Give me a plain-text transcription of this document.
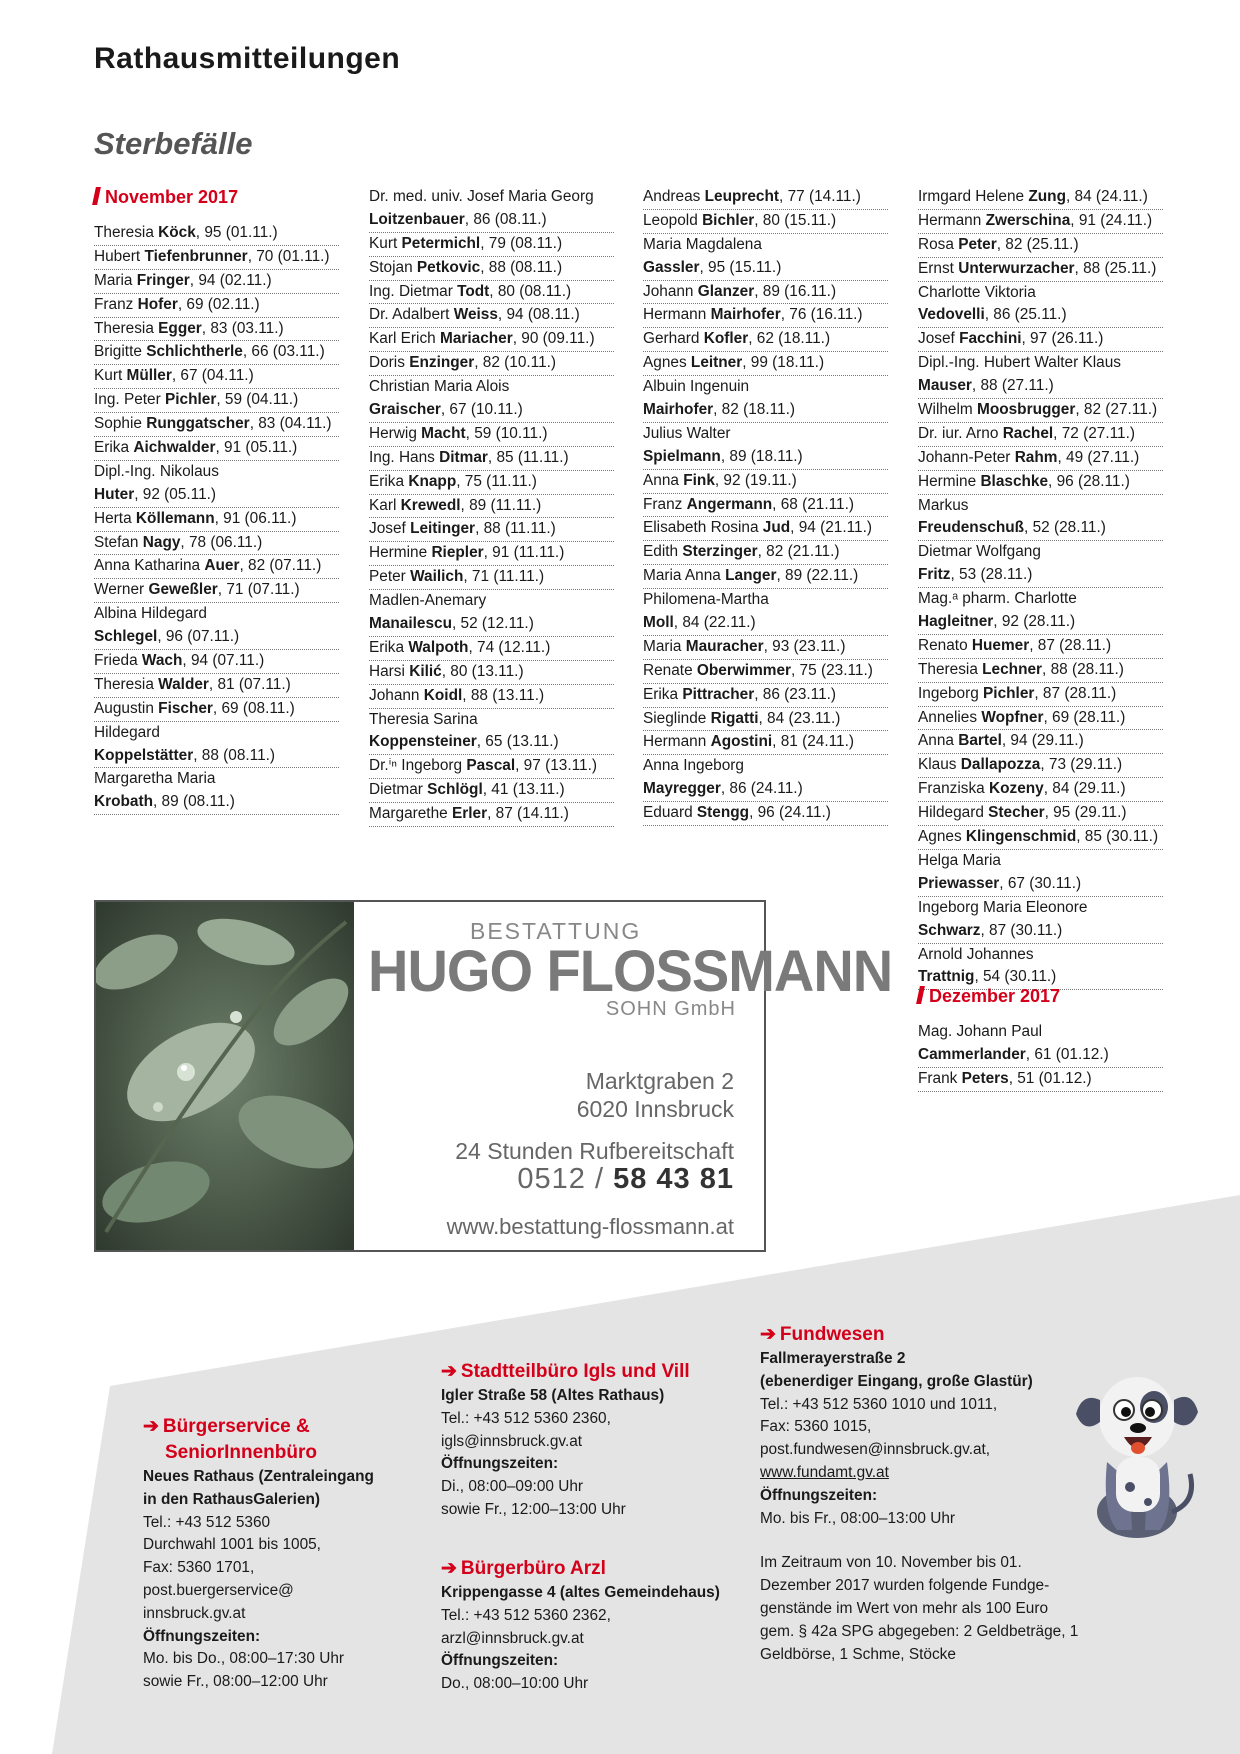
Rathausmitteilungen
Sterbefälle
November 2017
Theresia Köck, 95 (01.11.)
Hubert Tiefenbrunner, 70 (01.11.)
Maria Fringer, 94 (02.11.)
Franz Hofer, 69 (02.11.)
Theresia Egger, 83 (03.11.)
Brigitte Schlichtherle, 66 (03.11.)
Kurt Müller, 67 (04.11.)
Ing. Peter Pichler, 59 (04.11.)
Sophie Runggatscher, 83 (04.11.)
Erika Aichwalder, 91 (05.11.)
Dipl.-Ing. Nikolaus
Huter, 92 (05.11.)
Herta Köllemann, 91 (06.11.)
Stefan Nagy, 78 (06.11.)
Anna Katharina Auer, 82 (07.11.)
Werner Geweßler, 71 (07.11.)
Albina Hildegard
Schlegel, 96 (07.11.)
Frieda Wach, 94 (07.11.)
Theresia Walder, 81 (07.11.)
Augustin Fischer, 69 (08.11.)
Hildegard
Koppelstätter, 88 (08.11.)
Margaretha Maria
Krobath, 89 (08.11.)
Dr. med. univ. Josef Maria Georg
Loitzenbauer, 86 (08.11.)
Kurt Petermichl, 79 (08.11.)
Stojan Petkovic, 88 (08.11.)
Ing. Dietmar Todt, 80 (08.11.)
Dr. Adalbert Weiss, 94 (08.11.)
Karl Erich Mariacher, 90 (09.11.)
Doris Enzinger, 82 (10.11.)
Christian Maria Alois
Graischer, 67 (10.11.)
Herwig Macht, 59 (10.11.)
Ing. Hans Ditmar, 85 (11.11.)
Erika Knapp, 75 (11.11.)
Karl Krewedl, 89 (11.11.)
Josef Leitinger, 88 (11.11.)
Hermine Riepler, 91 (11.11.)
Peter Wailich, 71 (11.11.)
Madlen-Anemary
Manailescu, 52 (12.11.)
Erika Walpoth, 74 (12.11.)
Harsi Kilić, 80 (13.11.)
Johann Koidl, 88 (13.11.)
Theresia Sarina
Koppensteiner, 65 (13.11.)
Dr.ⁱⁿ Ingeborg Pascal, 97 (13.11.)
Dietmar Schlögl, 41 (13.11.)
Margarethe Erler, 87 (14.11.)
Andreas Leuprecht, 77 (14.11.)
Leopold Bichler, 80 (15.11.)
Maria Magdalena
Gassler, 95 (15.11.)
Johann Glanzer, 89 (16.11.)
Hermann Mairhofer, 76 (16.11.)
Gerhard Kofler, 62 (18.11.)
Agnes Leitner, 99 (18.11.)
Albuin Ingenuin
Mairhofer, 82 (18.11.)
Julius Walter
Spielmann, 89 (18.11.)
Anna Fink, 92 (19.11.)
Franz Angermann, 68 (21.11.)
Elisabeth Rosina Jud, 94 (21.11.)
Edith Sterzinger, 82 (21.11.)
Maria Anna Langer, 89 (22.11.)
Philomena-Martha
Moll, 84 (22.11.)
Maria Mauracher, 93 (23.11.)
Renate Oberwimmer, 75 (23.11.)
Erika Pittracher, 86 (23.11.)
Sieglinde Rigatti, 84 (23.11.)
Hermann Agostini, 81 (24.11.)
Anna Ingeborg
Mayregger, 86 (24.11.)
Eduard Stengg, 96 (24.11.)
Irmgard Helene Zung, 84 (24.11.)
Hermann Zwerschina, 91 (24.11.)
Rosa Peter, 82 (25.11.)
Ernst Unterwurzacher, 88 (25.11.)
Charlotte Viktoria
Vedovelli, 86 (25.11.)
Josef Facchini, 97 (26.11.)
Dipl.-Ing. Hubert Walter Klaus
Mauser, 88 (27.11.)
Wilhelm Moosbrugger, 82 (27.11.)
Dr. iur. Arno Rachel, 72 (27.11.)
Johann-Peter Rahm, 49 (27.11.)
Hermine Blaschke, 96 (28.11.)
Markus
Freudenschuß, 52 (28.11.)
Dietmar Wolfgang
Fritz, 53 (28.11.)
Mag.ᵃ pharm. Charlotte
Hagleitner, 92 (28.11.)
Renato Huemer, 87 (28.11.)
Theresia Lechner, 88 (28.11.)
Ingeborg Pichler, 87 (28.11.)
Annelies Wopfner, 69 (28.11.)
Anna Bartel, 94 (29.11.)
Klaus Dallapozza, 73 (29.11.)
Franziska Kozeny, 84 (29.11.)
Hildegard Stecher, 95 (29.11.)
Agnes Klingenschmid, 85 (30.11.)
Helga Maria
Priewasser, 67 (30.11.)
Ingeborg Maria Eleonore
Schwarz, 87 (30.11.)
Arnold Johannes
Trattnig, 54 (30.11.)
Dezember 2017
Mag. Johann Paul
Cammerlander, 61 (01.12.)
Frank Peters, 51 (01.12.)
BESTATTUNG
HUGO FLOSSMANN
SOHN GmbH
Marktgraben 2
6020 Innsbruck
24 Stunden Rufbereitschaft
0512 / 58 43 81
www.bestattung-flossmann.at
➔ Bürgerservice &
SeniorInnenbüro
Neues Rathaus (Zentraleingang
in den RathausGalerien)
Tel.: +43 512 5360
Durchwahl 1001 bis 1005,
Fax: 5360 1701,
post.buergerservice@
innsbruck.gv.at
Öffnungszeiten:
Mo. bis Do., 08:00–17:30 Uhr
sowie Fr., 08:00–12:00 Uhr
➔ Stadtteilbüro Igls und Vill
Igler Straße 58 (Altes Rathaus)
Tel.: +43 512 5360 2360,
igls@innsbruck.gv.at
Öffnungszeiten:
Di., 08:00–09:00 Uhr
sowie Fr., 12:00–13:00 Uhr
➔ Bürgerbüro Arzl
Krippengasse 4 (altes Gemeindehaus)
Tel.: +43 512 5360 2362,
arzl@innsbruck.gv.at
Öffnungszeiten:
Do., 08:00–10:00 Uhr
➔ Fundwesen
Fallmerayerstraße 2
(ebenerdiger Eingang, große Glastür)
Tel.: +43 512 5360 1010 und 1011,
Fax: 5360 1015,
post.fundwesen@innsbruck.gv.at,
www.fundamt.gv.at
Öffnungszeiten:
Mo. bis Fr., 08:00–13:00 Uhr
Im Zeitraum von 10. November bis 01.
Dezember 2017 wurden folgende Fundge-
genstände im Wert von mehr als 100 Euro
gem. § 42a SPG abgegeben: 2 Geldbeträge, 1
Geldbörse, 1 Schme, Stöcke
